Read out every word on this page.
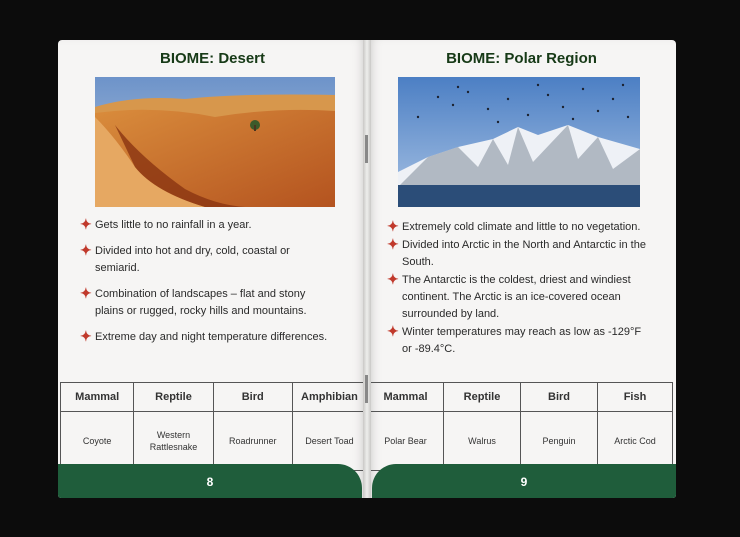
BIOME: Desert
✦ Gets little to no rainfall in a year.
✦ Divided into hot and dry, cold, coastal or semiarid.
✦ Combination of landscapes – flat and stony plains or rugged, rocky hills and mountains.
✦ Extreme day and night temperature differences.
Mammal	Reptile	Bird	Amphibian
Coyote	Western Rattlesnake	Roadrunner	Desert Toad
8
BIOME: Polar Region
✦ Extremely cold climate and little to no vegetation.
✦ Divided into Arctic in the North and Antarctic in the South.
✦ The Antarctic is the coldest, driest and windiest continent. The Arctic is an ice-covered ocean surrounded by land.
✦ Winter temperatures may reach as low as -129°F or -89.4°C.
Mammal	Reptile	Bird	Fish
Polar Bear	Walrus	Penguin	Arctic Cod
9
